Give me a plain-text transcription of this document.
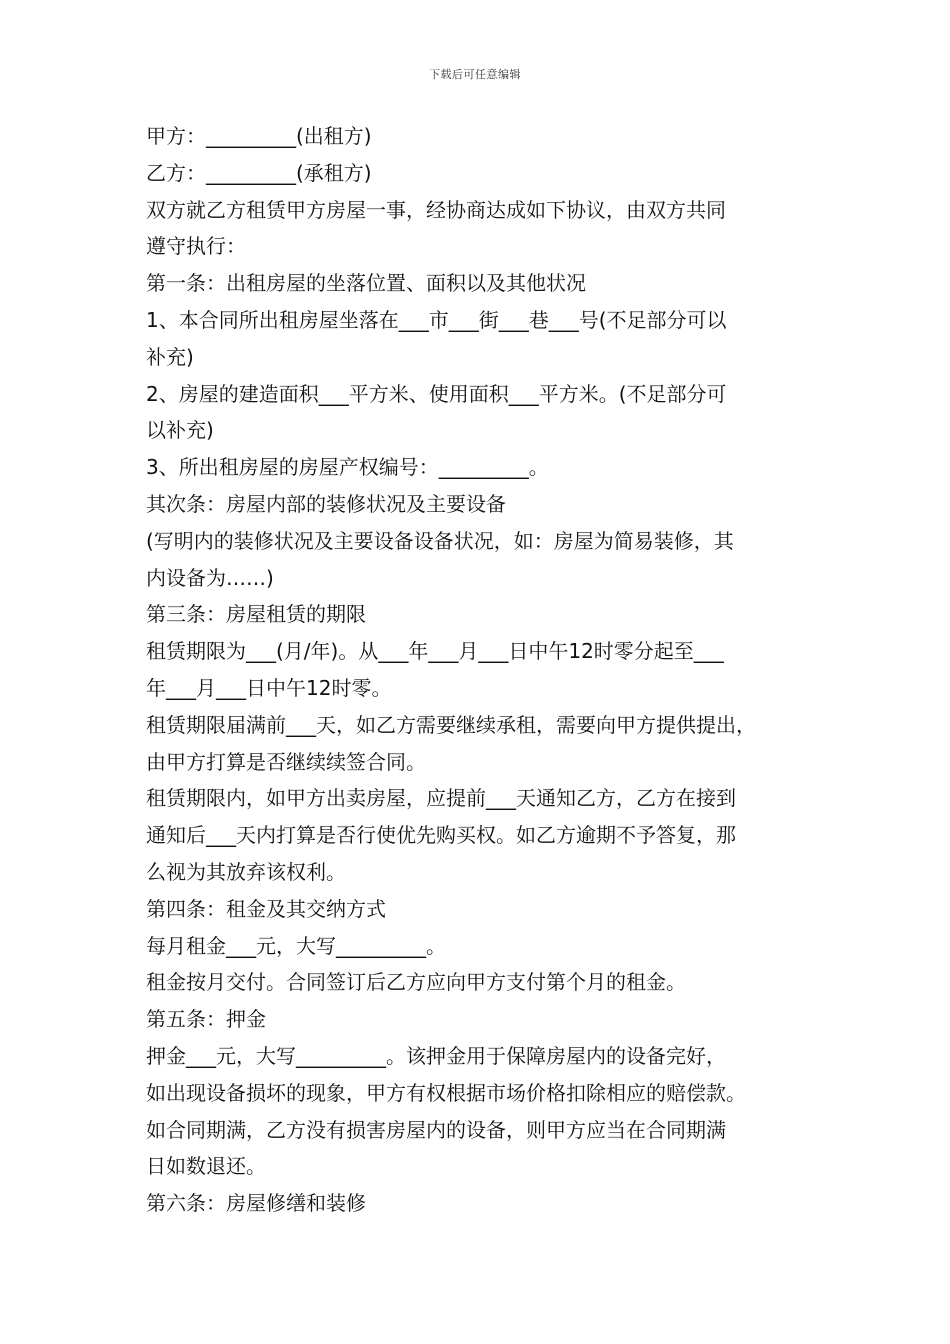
下载后可任意编辑

甲方：_________(出租方)

乙方：_________(承租方)

双方就乙方租赁甲方房屋一事，经协商达成如下协议，由双方共同

遵守执行：

第一条：出租房屋的坐落位置、面积以及其他状况

1、本合同所出租房屋坐落在___市___街___巷___号(不足部分可以

补充)

2、房屋的建造面积___平方米、使用面积___平方米。(不足部分可

以补充)

3、所出租房屋的房屋产权编号：_________。

其次条：房屋内部的装修状况及主要设备

(写明内的装修状况及主要设备设备状况，如：房屋为简易装修，其

内设备为……)

第三条：房屋租赁的期限

租赁期限为___(月/年)。从___年___月___日中午12时零分起至___

年___月___日中午12时零。

租赁期限届满前___天，如乙方需要继续承租，需要向甲方提供提出，

由甲方打算是否继续续签合同。

租赁期限内，如甲方出卖房屋，应提前___天通知乙方，乙方在接到

通知后___天内打算是否行使优先购买权。如乙方逾期不予答复，那

么视为其放弃该权利。

第四条：租金及其交纳方式

每月租金___元，大写_________。

租金按月交付。合同签订后乙方应向甲方支付第个月的租金。

第五条：押金

押金___元，大写_________。该押金用于保障房屋内的设备完好，

如出现设备损坏的现象，甲方有权根据市场价格扣除相应的赔偿款。

如合同期满，乙方没有损害房屋内的设备，则甲方应当在合同期满

日如数退还。

第六条：房屋修缮和装修
